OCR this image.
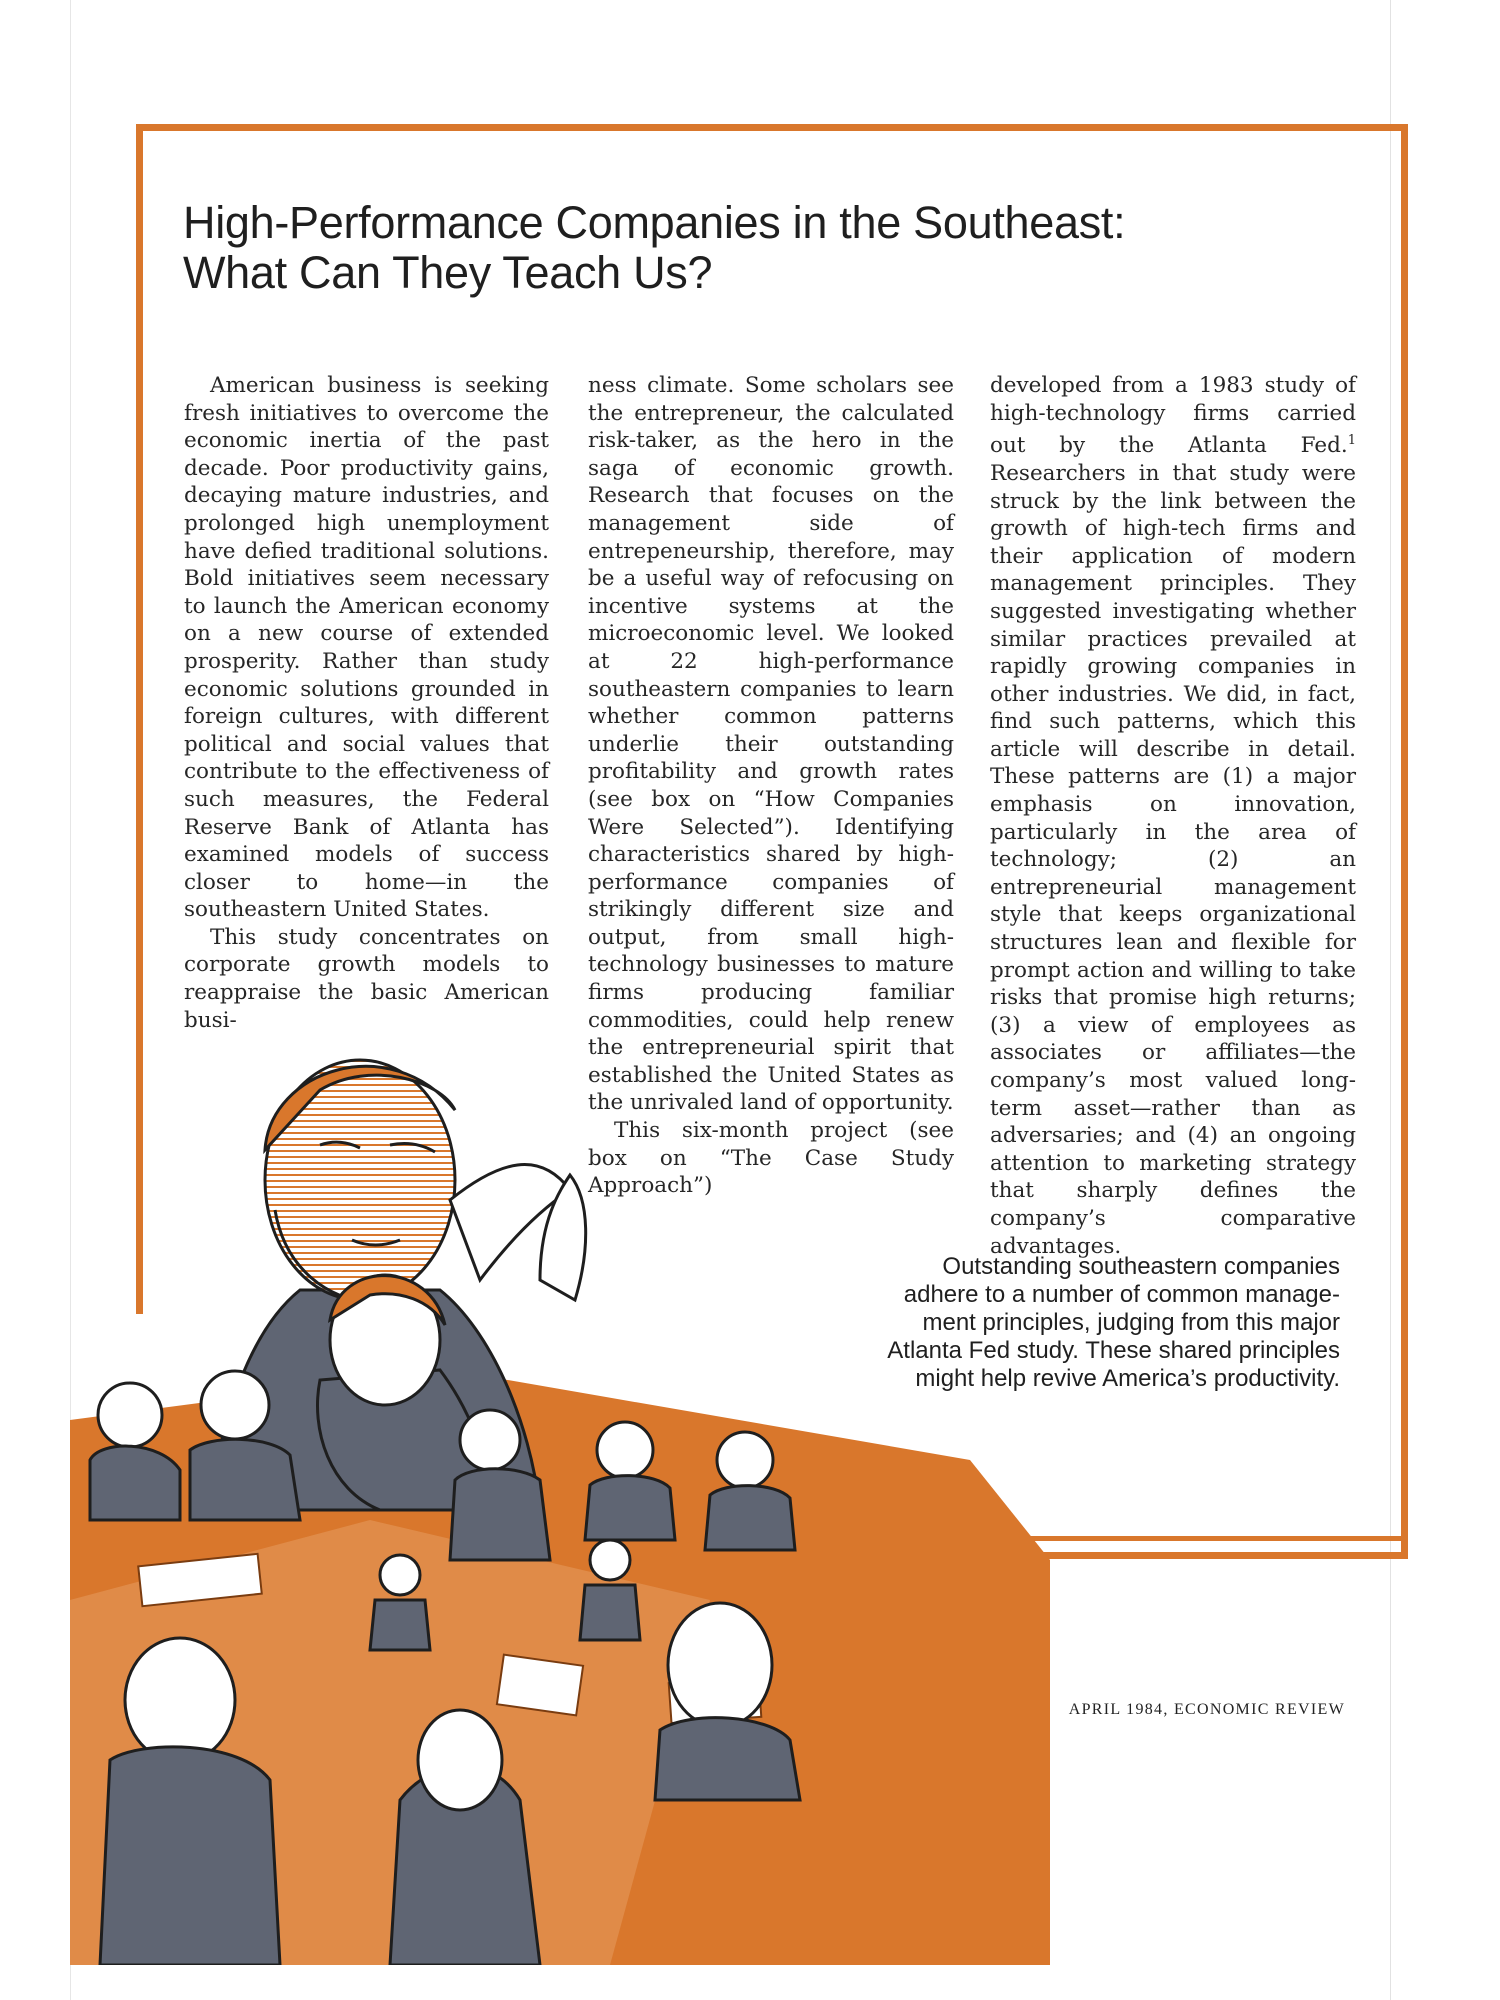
High-Performance Companies in the Southeast:
What Can They Teach Us?

American business is seeking fresh initiatives to overcome the economic inertia of the past decade. Poor productivity gains, decaying mature industries, and prolonged high unemployment have defied traditional solutions. Bold initiatives seem necessary to launch the American economy on a new course of extended prosperity. Rather than study economic solutions grounded in foreign cultures, with different political and social values that contribute to the effectiveness of such measures, the Federal Reserve Bank of Atlanta has examined models of success closer to home—in the southeastern United States.

This study concentrates on corporate growth models to reappraise the basic American busi-

ness climate. Some scholars see the entrepreneur, the calculated risk-taker, as the hero in the saga of economic growth. Research that focuses on the management side of entrepeneurship, therefore, may be a useful way of refocusing on incentive systems at the microeconomic level. We looked at 22 high-performance southeastern companies to learn whether common patterns underlie their outstanding profitability and growth rates (see box on “How Companies Were Selected”). Identifying characteristics shared by high-performance companies of strikingly different size and output, from small high-technology businesses to mature firms producing familiar commodities, could help renew the entrepreneurial spirit that established the United States as the unrivaled land of opportunity.

This six-month project (see box on “The Case Study Approach”)

developed from a 1983 study of high-technology firms carried out by the Atlanta Fed.$^1$ Researchers in that study were struck by the link between the growth of high-tech firms and their application of modern management principles. They suggested investigating whether similar practices prevailed at rapidly growing companies in other industries. We did, in fact, find such patterns, which this article will describe in detail. These patterns are (1) a major emphasis on innovation, particularly in the area of technology; (2) an entrepreneurial management style that keeps organizational structures lean and flexible for prompt action and willing to take risks that promise high returns; (3) a view of employees as associates or affiliates—the company’s most valued long-term asset—rather than as adversaries; and (4) an ongoing attention to marketing strategy that sharply defines the company’s comparative advantages.

Outstanding southeastern companies
adhere to a number of common manage-
ment principles, judging from this major
Atlanta Fed study. These shared principles
might help revive America’s productivity.
APRIL 1984, ECONOMIC REVIEW
